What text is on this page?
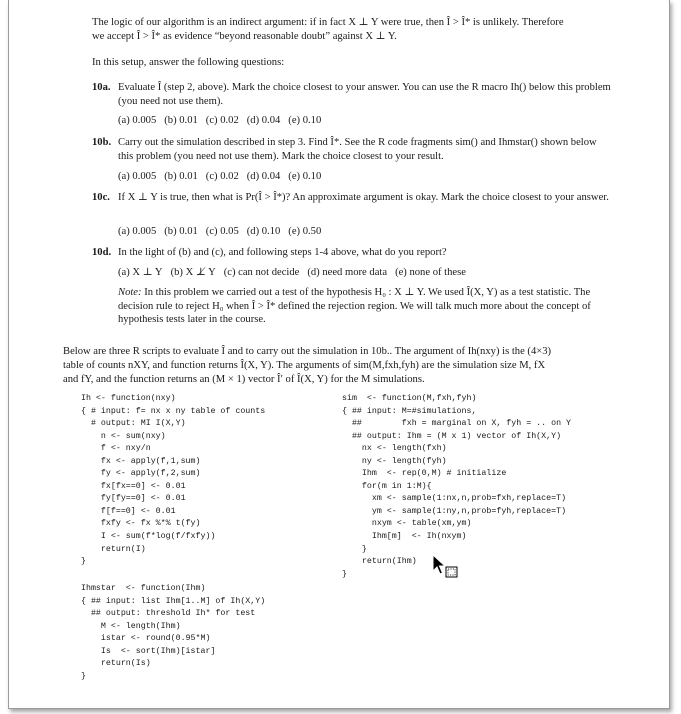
The logic of our algorithm is an indirect argument: if in fact X ⊥ Y were true, then Î > Î* is unlikely. Therefore
we accept Î > Î* as evidence “beyond reasonable doubt” against X ⊥ Y.
In this setup, answer the following questions:
10a. Evaluate Î (step 2, above). Mark the choice closest to your answer. You can use the R macro Ih() below this problem (you need not use them).
(a) 0.005 (b) 0.01 (c) 0.02 (d) 0.04 (e) 0.10
10b. Carry out the simulation described in step 3. Find Î*. See the R code fragments sim() and Ihmstar() shown below this problem (you need not use them). Mark the choice closest to your result.
(a) 0.005 (b) 0.01 (c) 0.02 (d) 0.04 (e) 0.10
10c. If X ⊥ Y is true, then what is Pr(Î > Î*)? An approximate argument is okay. Mark the choice closest to your answer.
(a) 0.005 (b) 0.01 (c) 0.05 (d) 0.10 (e) 0.50
10d. In the light of (b) and (c), and following steps 1-4 above, what do you report?
(a) X ⊥ Y (b) X ⊥̸ Y (c) can not decide (d) need more data (e) none of these
Note: In this problem we carried out a test of the hypothesis H₀ : X ⊥ Y. We used Î(X, Y) as a test statistic. The decision rule to reject H₀ when Î > Î* defined the rejection region. We will talk much more about the concept of hypothesis tests later in the course.
Below are three R scripts to evaluate Î and to carry out the simulation in 10b.. The argument of Ih(nxy) is the (4×3)
table of counts nXY, and function returns Î(X, Y). The arguments of sim(M,fxh,fyh) are the simulation size M, fX
and fY, and the function returns an (M × 1) vector Î′ of Î(X, Y) for the M simulations.
Ih <- function(nxy)
{ # input: f= nx x ny table of counts
# output: MI I(X,Y)
n <- sum(nxy)
f <- nxy/n
fx <- apply(f,1,sum)
fy <- apply(f,2,sum)
fx[fx==0] <- 0.01
fy[fy==0] <- 0.01
f[f==0] <- 0.01
fxfy <- fx %*% t(fy)
I <- sum(f*log(f/fxfy))
return(I)
}
sim  <- function(M,fxh,fyh)
{ ## input: M=#simulations,
##        fxh = marginal on X, fyh = .. on Y
## output: Ihm = (M x 1) vector of Ih(X,Y)
nx <- length(fxh)
ny <- length(fyh)
Ihm  <- rep(0,M) # initialize
for(m in 1:M){
xm <- sample(1:nx,n,prob=fxh,replace=T)
ym <- sample(1:ny,n,prob=fyh,replace=T)
nxym <- table(xm,ym)
Ihm[m]  <- Ih(nxym)
}
return(Ihm)
}
Ihmstar  <- function(Ihm)
{ ## input: list Ihm[1..M] of Ih(X,Y)
## output: threshold Ih* for test
M <- length(Ihm)
istar <- round(0.95*M)
Is  <- sort(Ihm)[istar]
return(Is)
}
